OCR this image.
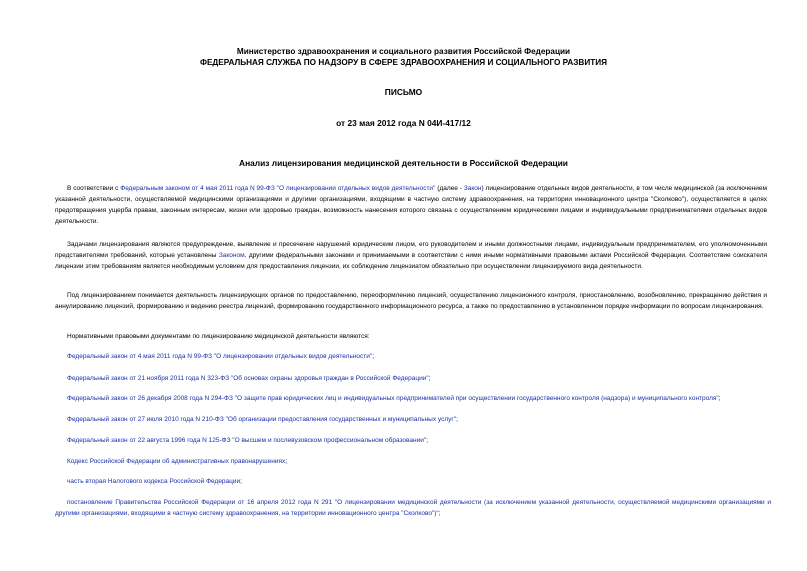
Министерство здравоохранения и социального развития Российской Федерации
ФЕДЕРАЛЬНАЯ СЛУЖБА ПО НАДЗОРУ В СФЕРЕ ЗДРАВООХРАНЕНИЯ И СОЦИАЛЬНОГО РАЗВИТИЯ
ПИСЬМО
от 23 мая 2012 года N 04И-417/12
Анализ лицензирования медицинской деятельности в Российской Федерации
В соответствии с Федеральным законом от 4 мая 2011 года N 99-ФЗ "О лицензировании отдельных видов деятельности" (далее - Закон) лицензирование отдельных видов деятельности, в том числе медицинской (за исключением указанной деятельности, осуществляемой медицинскими организациями и другими организациями, входящими в частную систему здравоохранения, на территории инновационного центра "Сколково"), осуществляется в целях предотвращения ущерба правам, законным интересам, жизни или здоровью граждан, возможность нанесения которого связана с осуществлением юридическими лицами и индивидуальными предпринимателями отдельных видов деятельности.
Задачами лицензирования являются предупреждение, выявление и пресечение нарушений юридическим лицом, его руководителем и иными должностными лицами, индивидуальным предпринимателем, его уполномоченными представителями требований, которые установлены Законом, другими федеральными законами и принимаемыми в соответствии с ними иными нормативными правовыми актами Российской Федерации. Соответствие соискателя лицензии этим требованиям является необходимым условием для предоставления лицензии, их соблюдение лицензиатом обязательно при осуществлении лицензируемого вида деятельности.
Под лицензированием понимается деятельность лицензирующих органов по предоставлению, переоформлению лицензий, осуществлению лицензионного контроля, приостановлению, возобновлению, прекращению действия и аннулированию лицензий, формированию и ведению реестра лицензий, формированию государственного информационного ресурса, а также по предоставлению в установленном порядке информации по вопросам лицензирования.
Нормативными правовыми документами по лицензированию медицинской деятельности являются:
Федеральный закон от 4 мая 2011 года N 99-ФЗ "О лицензировании отдельных видов деятельности";
Федеральный закон от 21 ноября 2011 года N 323-ФЗ "Об основах охраны здоровья граждан в Российской Федерации";
Федеральный закон от 26 декабря 2008 года N 294-ФЗ "О защите прав юридических лиц и индивидуальных предпринимателей при осуществлении государственного контроля (надзора) и муниципального контроля";
Федеральный закон от 27 июля 2010 года N 210-ФЗ "Об организации предоставления государственных и муниципальных услуг";
Федеральный закон от 22 августа 1996 года N 125-ФЗ "О высшем и послевузовском профессиональном образовании";
Кодекс Российской Федерации об административных правонарушениях;
часть вторая Налогового кодекса Российской Федерации;
постановление Правительства Российской Федерации от 16 апреля 2012 года N 291 "О лицензировании медицинской деятельности (за исключением указанной деятельности, осуществляемой медицинскими организациями и другими организациями, входящими в частную систему здравоохранения, на территории инновационного центра "Сколково")";
